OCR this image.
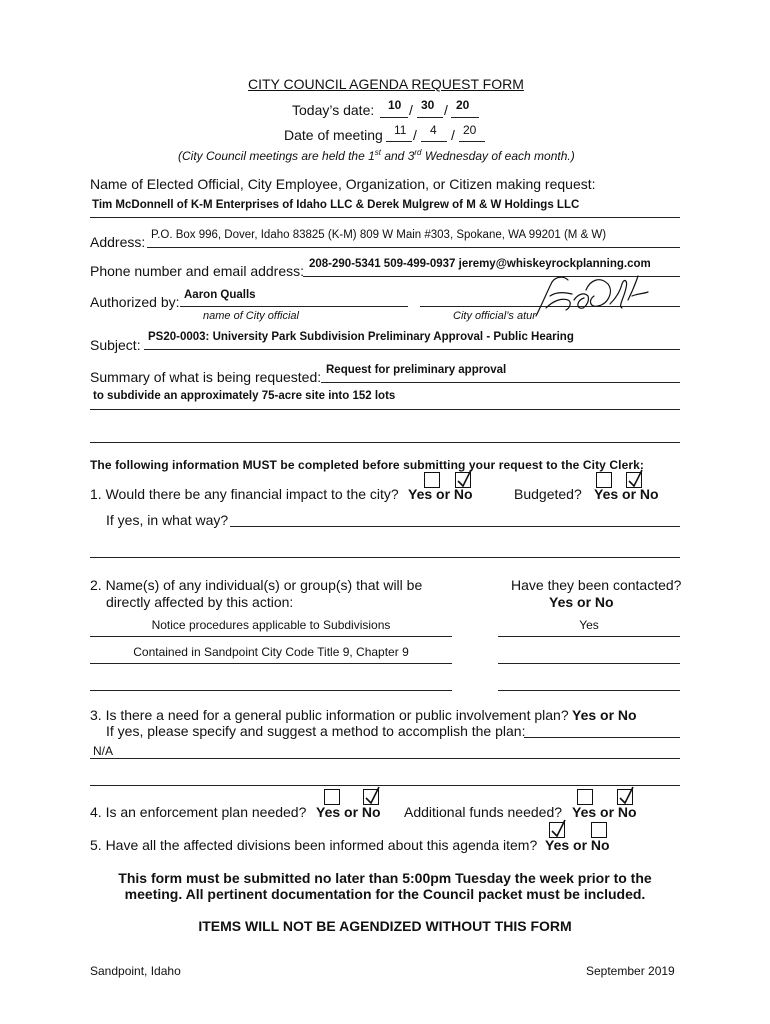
CITY COUNCIL AGENDA REQUEST FORM
Today’s date: 10 / 30 / 20
Date of meeting 11 / 4 / 20
(City Council meetings are held the 1st and 3rd Wednesday of each month.)
Name of Elected Official, City Employee, Organization, or Citizen making request:
Tim McDonnell of K-M Enterprises of Idaho LLC & Derek Mulgrew of M & W Holdings LLC
Address: P.O. Box 996, Dover, Idaho 83825 (K-M) 809 W Main #303, Spokane, WA 99201 (M & W)
Phone number and email address: 208-290-5341 509-499-0937 jeremy@whiskeyrockplanning.com
Authorized by: Aaron Qualls
name of City official	City official’s atur
Subject: PS20-0003: University Park Subdivision Preliminary Approval - Public Hearing
Summary of what is being requested: Request for preliminary approval
to subdivide an approximately 75-acre site into 152 lots
The following information MUST be completed before submitting your request to the City Clerk:
1. Would there be any financial impact to the city? Yes or No	Budgeted? Yes or No
If yes, in what way?
2. Name(s) of any individual(s) or group(s) that will be
directly affected by this action:
Have they been contacted?
Yes or No
Notice procedures applicable to Subdivisions	Yes
Contained in Sandpoint City Code Title 9, Chapter 9
3. Is there a need for a general public information or public involvement plan? Yes or No
If yes, please specify and suggest a method to accomplish the plan:
N/A
4. Is an enforcement plan needed? Yes or No Additional funds needed? Yes or No
5. Have all the affected divisions been informed about this agenda item? Yes or No
This form must be submitted no later than 5:00pm Tuesday the week prior to the
meeting. All pertinent documentation for the Council packet must be included.
ITEMS WILL NOT BE AGENDIZED WITHOUT THIS FORM
Sandpoint, Idaho	September 2019
